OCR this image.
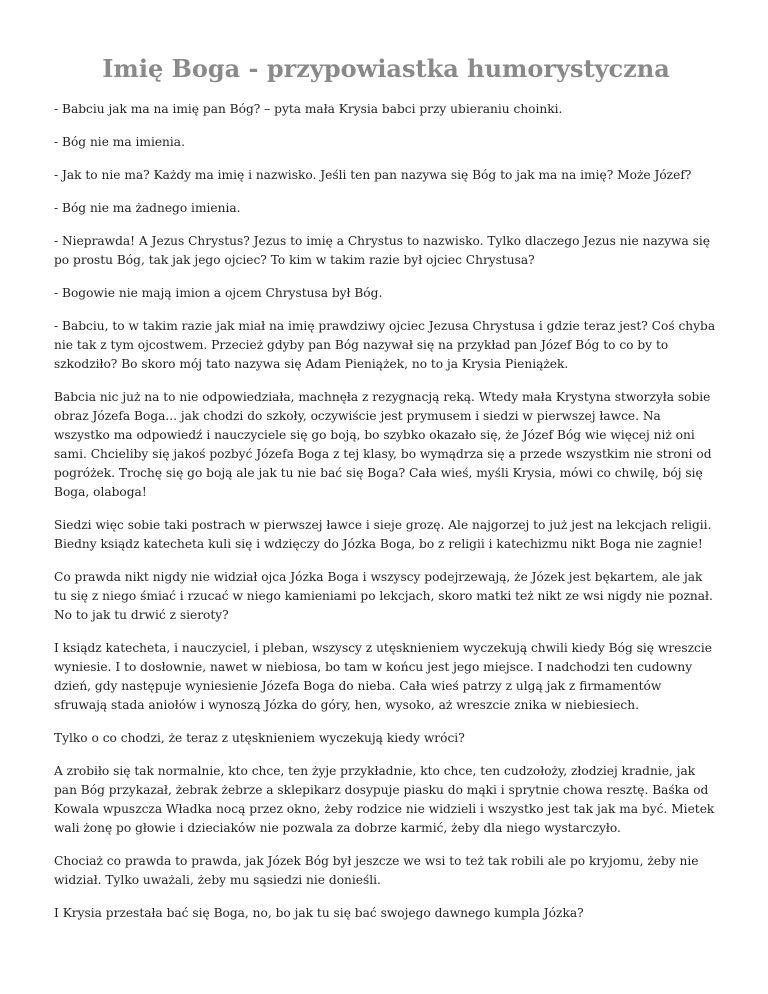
Imię Boga - przypowiastka humorystyczna

- Babciu jak ma na imię pan Bóg? – pyta mała Krysia babci przy ubieraniu choinki.

- Bóg nie ma imienia.

- Jak to nie ma? Każdy ma imię i nazwisko. Jeśli ten pan nazywa się Bóg to jak ma na imię? Może Józef?

- Bóg nie ma żadnego imienia.

- Nieprawda! A Jezus Chrystus? Jezus to imię a Chrystus to nazwisko. Tylko dlaczego Jezus nie nazywa się po prostu Bóg, tak jak jego ojciec? To kim w takim razie był ojciec Chrystusa?

- Bogowie nie mają imion a ojcem Chrystusa był Bóg.

- Babciu, to w takim razie jak miał na imię prawdziwy ojciec Jezusa Chrystusa i gdzie teraz jest? Coś chyba nie tak z tym ojcostwem. Przecież gdyby pan Bóg nazywał się na przykład pan Józef Bóg to co by to szkodziło? Bo skoro mój tato nazywa się Adam Pieniążek, no to ja Krysia Pieniążek.

Babcia nic już na to nie odpowiedziała, machnęła z rezygnacją reką. Wtedy mała Krystyna stworzyła sobie obraz Józefa Boga... jak chodzi do szkoły, oczywiście jest prymusem i siedzi w pierwszej ławce. Na wszystko ma odpowiedź i nauczyciele się go boją, bo szybko okazało się, że Józef Bóg wie więcej niż oni sami. Chcieliby się jakoś pozbyć Józefa Boga z tej klasy, bo wymądrza się a przede wszystkim nie stroni od pogróżek. Trochę się go boją ale jak tu nie bać się Boga? Cała wieś, myśli Krysia, mówi co chwilę, bój się Boga, olaboga!

Siedzi więc sobie taki postrach w pierwszej ławce i sieje grozę. Ale najgorzej to już jest na lekcjach religii. Biedny ksiądz katecheta kuli się i wdzięczy do Józka Boga, bo z religii i katechizmu nikt Boga nie zagnie!

Co prawda nikt nigdy nie widział ojca Józka Boga i wszyscy podejrzewają, że Józek jest bękartem, ale jak tu się z niego śmiać i rzucać w niego kamieniami po lekcjach, skoro matki też nikt ze wsi nigdy nie poznał. No to jak tu drwić z sieroty?

I ksiądz katecheta, i nauczyciel, i pleban, wszyscy z utęsknieniem wyczekują chwili kiedy Bóg się wreszcie wyniesie. I to dosłownie, nawet w niebiosa, bo tam w końcu jest jego miejsce. I nadchodzi ten cudowny dzień, gdy następuje wyniesienie Józefa Boga do nieba. Cała wieś patrzy z ulgą jak z firmamentów sfruwają stada aniołów i wynoszą Józka do góry, hen, wysoko, aż wreszcie znika w niebiesiech.

Tylko o co chodzi, że teraz z utęsknieniem wyczekują kiedy wróci?

A zrobiło się tak normalnie, kto chce, ten żyje przykładnie, kto chce, ten cudzołoży, złodziej kradnie, jak pan Bóg przykazał, żebrak żebrze a sklepikarz dosypuje piasku do mąki i sprytnie chowa resztę. Baśka od Kowala wpuszcza Władka nocą przez okno, żeby rodzice nie widzieli i wszystko jest tak jak ma być. Mietek wali żonę po głowie i dzieciaków nie pozwala za dobrze karmić, żeby dla niego wystarczyło.

Chociaż co prawda to prawda, jak Józek Bóg był jeszcze we wsi to też tak robili ale po kryjomu, żeby nie widział. Tylko uważali, żeby mu sąsiedzi nie donieśli.

I Krysia przestała bać się Boga, no, bo jak tu się bać swojego dawnego kumpla Józka?
